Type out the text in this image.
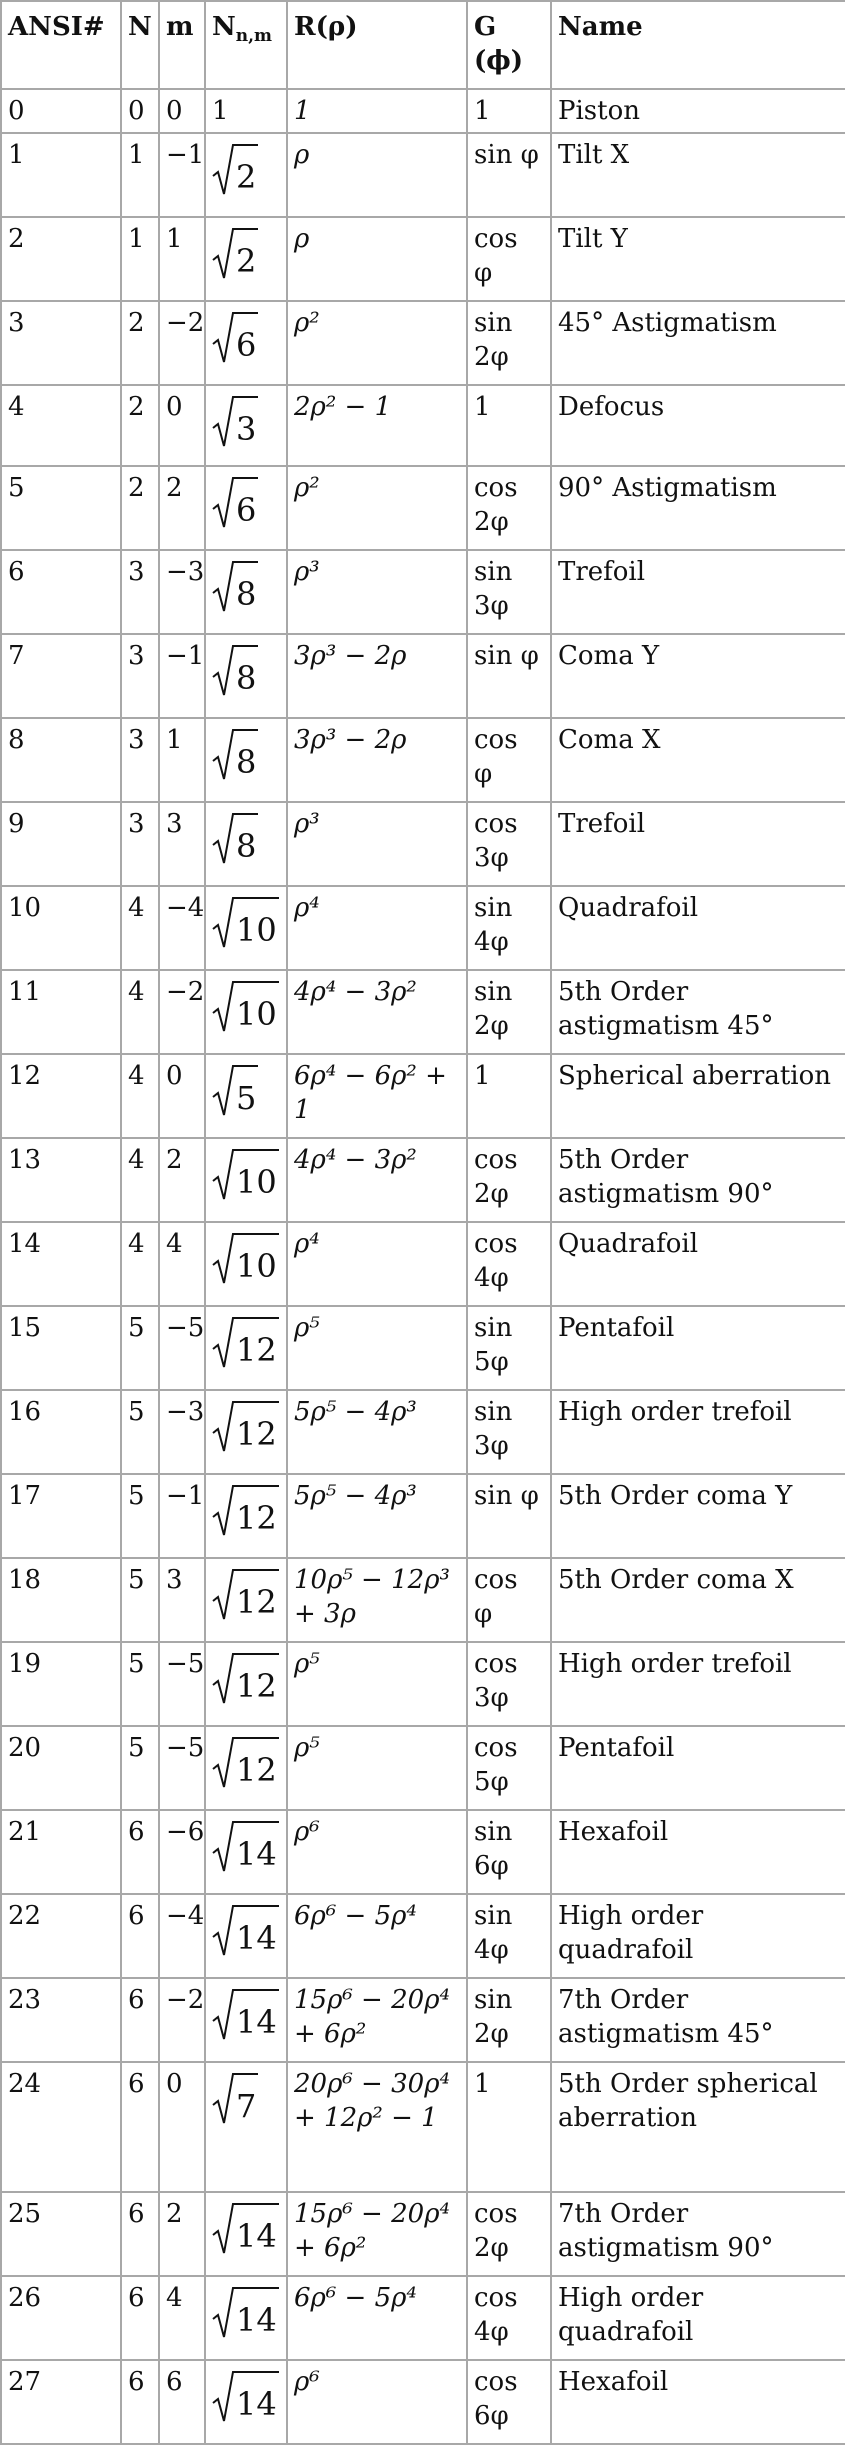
ANSI#	N	m	$N_{n,m}$	R(ρ)	G (ϕ)	Name
0	0	0	1	1	1	Piston
1	1	−1	2	ρ	sin φ	Tilt X
2	1	1	2	ρ	cos φ	Tilt Y
3	2	−2	6	ρ²	sin 2φ	45° Astigmatism
4	2	0	3	2ρ² − 1	1	Defocus
5	2	2	6	ρ²	cos 2φ	90° Astigmatism
6	3	−3	8	ρ³	sin 3φ	Trefoil
7	3	−1	8	3ρ³ − 2ρ	sin φ	Coma Y
8	3	1	8	3ρ³ − 2ρ	cos φ	Coma X
9	3	3	8	ρ³	cos 3φ	Trefoil
10	4	−4	10	ρ⁴	sin 4φ	Quadrafoil
11	4	−2	10	4ρ⁴ − 3ρ²	sin 2φ	5th Order astigmatism 45°
12	4	0	5	6ρ⁴ − 6ρ² + 1	1	Spherical aberration
13	4	2	10	4ρ⁴ − 3ρ²	cos 2φ	5th Order astigmatism 90°
14	4	4	10	ρ⁴	cos 4φ	Quadrafoil
15	5	−5	12	ρ⁵	sin 5φ	Pentafoil
16	5	−3	12	5ρ⁵ − 4ρ³	sin 3φ	High order trefoil
17	5	−1	12	5ρ⁵ − 4ρ³	sin φ	5th Order coma Y
18	5	3	12	10ρ⁵ − 12ρ³ + 3ρ	cos φ	5th Order coma X
19	5	−5	12	ρ⁵	cos 3φ	High order trefoil
20	5	−5	12	ρ⁵	cos 5φ	Pentafoil
21	6	−6	14	ρ⁶	sin 6φ	Hexafoil
22	6	−4	14	6ρ⁶ − 5ρ⁴	sin 4φ	High order quadrafoil
23	6	−2	14	15ρ⁶ − 20ρ⁴ + 6ρ²	sin 2φ	7th Order astigmatism 45°
24	6	0	7	20ρ⁶ − 30ρ⁴ + 12ρ² − 1	1	5th Order spherical aberration
25	6	2	14	15ρ⁶ − 20ρ⁴ + 6ρ²	cos 2φ	7th Order astigmatism 90°
26	6	4	14	6ρ⁶ − 5ρ⁴	cos 4φ	High order quadrafoil
27	6	6	14	ρ⁶	cos 6φ	Hexafoil
